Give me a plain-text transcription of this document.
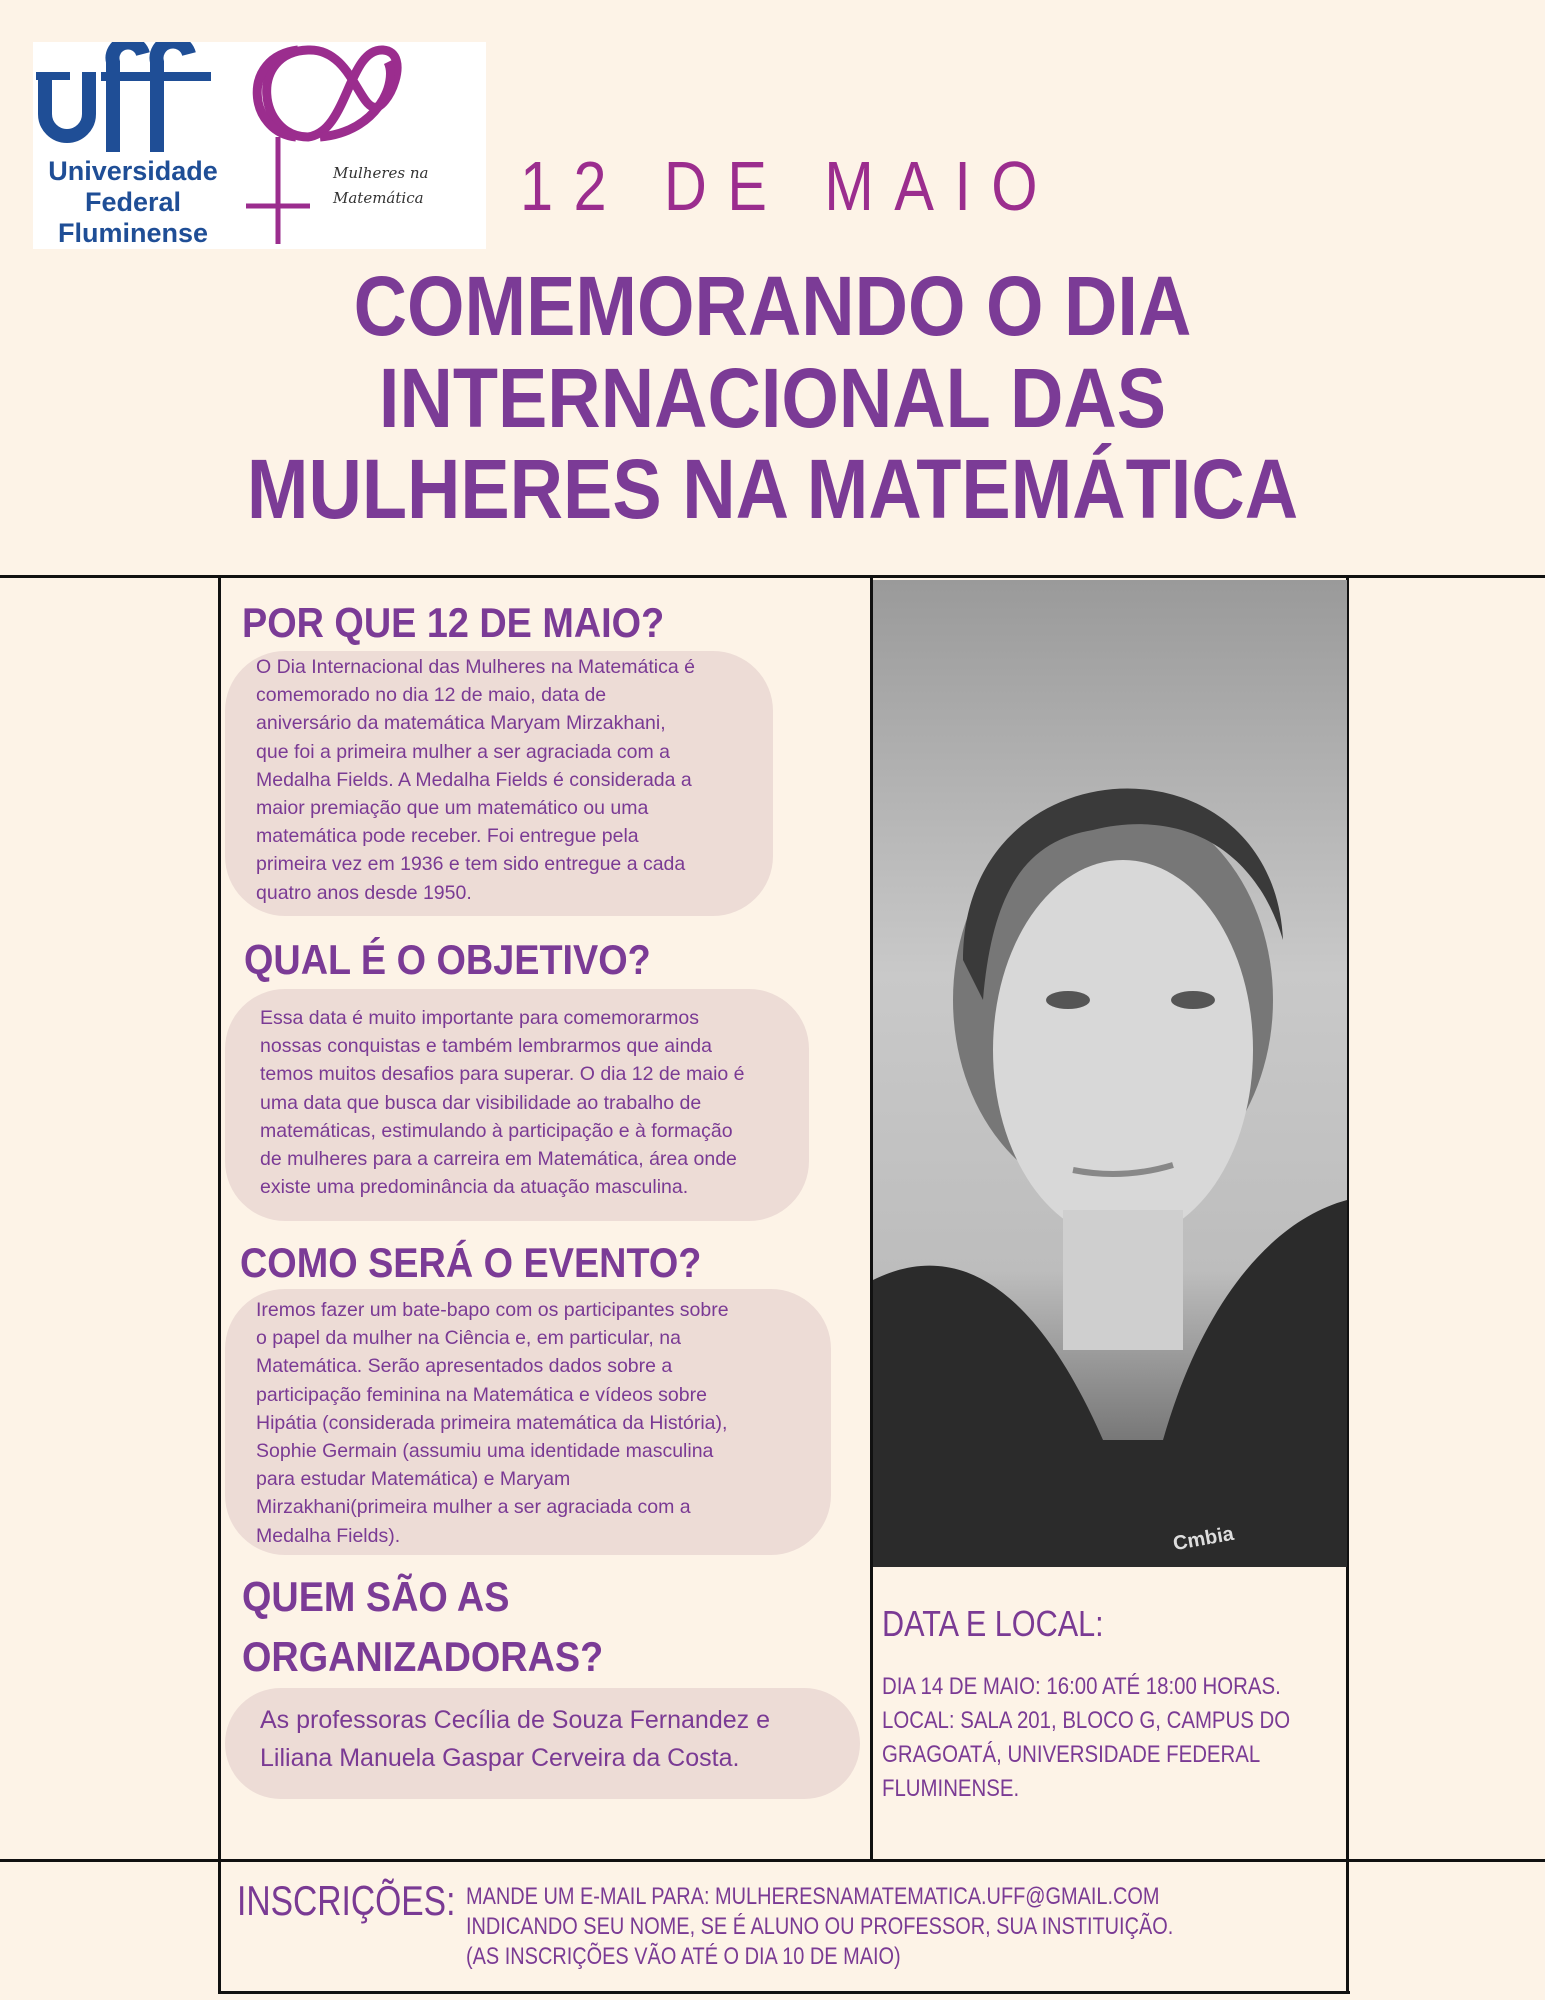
Universidade
Federal
Fluminense
Mulheres na
Matemática 12 DE MAIO
COMEMORANDO O DIA
INTERNACIONAL DAS
MULHERES NA MATEMÁTICA
POR QUE 12 DE MAIO?
O Dia Internacional das Mulheres na Matemática é
comemorado no dia 12 de maio, data de
aniversário da matemática Maryam Mirzakhani,
que foi a primeira mulher a ser agraciada com a
Medalha Fields. A Medalha Fields é considerada a
maior premiação que um matemático ou uma
matemática pode receber. Foi entregue pela
primeira vez em 1936 e tem sido entregue a cada
quatro anos desde 1950.
QUAL É O OBJETIVO?
Essa data é muito importante para comemorarmos
nossas conquistas e também lembrarmos que ainda
temos muitos desafios para superar. O dia 12 de maio é
uma data que busca dar visibilidade ao trabalho de
matemáticas, estimulando à participação e à formação
de mulheres para a carreira em Matemática, área onde
existe uma predominância da atuação masculina.
COMO SERÁ O EVENTO?
Iremos fazer um bate-bapo com os participantes sobre
o papel da mulher na Ciência e, em particular, na
Matemática. Serão apresentados dados sobre a
participação feminina na Matemática e vídeos sobre
Hipátia (considerada primeira matemática da História),
Sophie Germain (assumiu uma identidade masculina
para estudar Matemática) e Maryam
Mirzakhani(primeira mulher a ser agraciada com a
Medalha Fields).
QUEM SÃO AS
ORGANIZADORAS?
As professoras Cecília de Souza Fernandez e
Liliana Manuela Gaspar Cerveira da Costa.
Cmbia
DATA E LOCAL:
DIA 14 DE MAIO: 16:00 ATÉ 18:00 HORAS.
LOCAL: SALA 201, BLOCO G, CAMPUS DO
GRAGOATÁ, UNIVERSIDADE FEDERAL
FLUMINENSE.
INSCRIÇÕES: MANDE UM E-MAIL PARA: MULHERESNAMATEMATICA.UFF@GMAIL.COM
INDICANDO SEU NOME, SE É ALUNO OU PROFESSOR, SUA INSTITUIÇÃO.
(AS INSCRIÇÕES VÃO ATÉ O DIA 10 DE MAIO)
